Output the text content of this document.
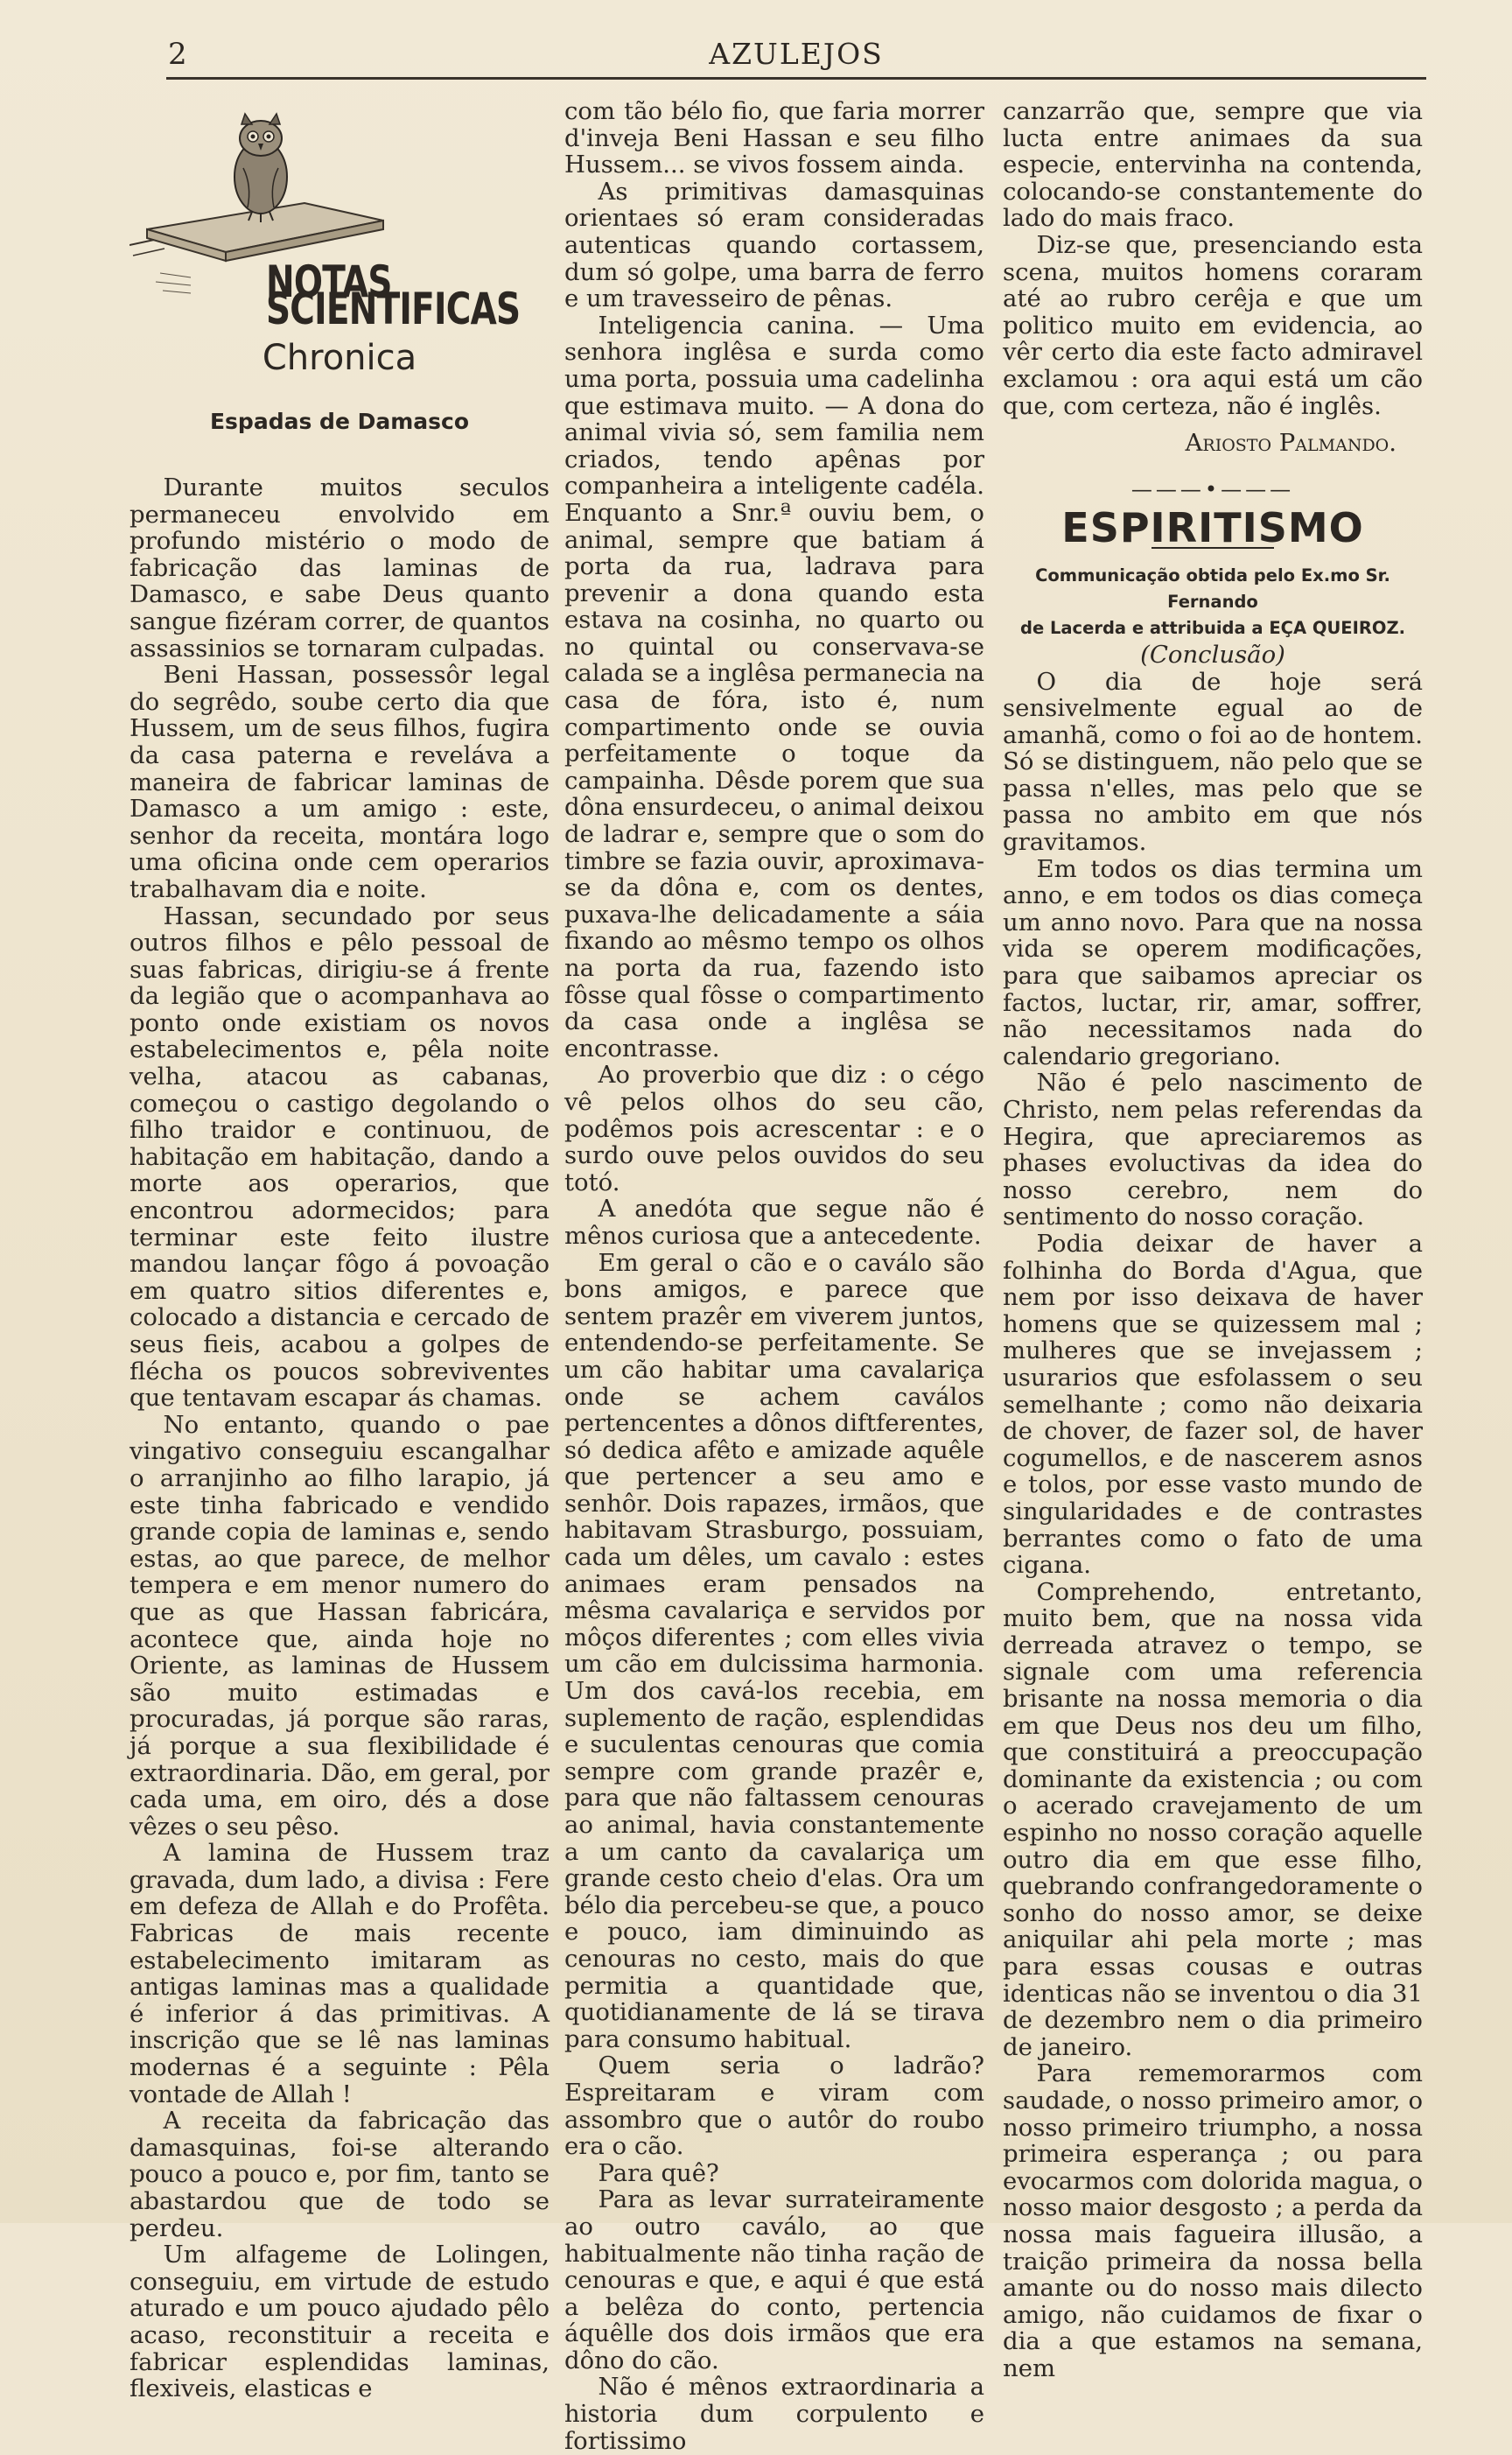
2	AZULEJOS
NOTAS SCIENTIFICAS
Chronica
Espadas de Damasco

Durante muitos seculos permaneceu envolvido em profundo mistério o modo de fabricação das laminas de Damasco, e sabe Deus quanto sangue fizéram correr, de quantos assassinios se tornaram culpadas.

Beni Hassan, possessôr legal do segrêdo, soube certo dia que Hussem, um de seus filhos, fugira da casa paterna e reveláva a maneira de fabricar laminas de Damasco a um amigo : este, senhor da receita, montára logo uma oficina onde cem operarios trabalhavam dia e noite.

Hassan, secundado por seus outros filhos e pêlo pessoal de suas fabricas, dirigiu-se á frente da legião que o acompanhava ao ponto onde existiam os novos estabelecimentos e, pêla noite velha, atacou as cabanas, começou o castigo degolando o filho traidor e continuou, de habitação em habitação, dando a morte aos operarios, que encontrou adormecidos; para terminar este feito ilustre mandou lançar fôgo á povoação em quatro sitios diferentes e, colocado a distancia e cercado de seus fieis, acabou a golpes de flécha os poucos sobreviventes que tentavam escapar ás chamas.

No entanto, quando o pae vingativo conseguiu escangalhar o arranjinho ao filho larapio, já este tinha fabricado e vendido grande copia de laminas e, sendo estas, ao que parece, de melhor tempera e em menor numero do que as que Hassan fabricára, acontece que, ainda hoje no Oriente, as laminas de Hussem são muito estimadas e procuradas, já porque são raras, já porque a sua flexibilidade é extraordinaria. Dão, em geral, por cada uma, em oiro, dés a dose vêzes o seu pêso.

A lamina de Hussem traz gravada, dum lado, a divisa : Fere em defeza de Allah e do Profêta. Fabricas de mais recente estabelecimento imitaram as antigas laminas mas a qualidade é inferior á das primitivas. A inscrição que se lê nas laminas modernas é a seguinte : Pêla vontade de Allah !

A receita da fabricação das damasquinas, foi-se alterando pouco a pouco e, por fim, tanto se abastardou que de todo se perdeu.

Um alfageme de Lolingen, conseguiu, em virtude de estudo aturado e um pouco ajudado pêlo acaso, reconstituir a receita e fabricar esplendidas laminas, flexiveis, elasticas e

com tão bélo fio, que faria morrer d'inveja Beni Hassan e seu filho Hussem... se vivos fossem ainda.

As primitivas damasquinas orientaes só eram consideradas autenticas quando cortassem, dum só golpe, uma barra de ferro e um travesseiro de pênas.

Inteligencia canina. — Uma senhora inglêsa e surda como uma porta, possuia uma cadelinha que estimava muito. — A dona do animal vivia só, sem familia nem criados, tendo apênas por companheira a inteligente cadéla. Enquanto a Snr.ª ouviu bem, o animal, sempre que batiam á porta da rua, ladrava para prevenir a dona quando esta estava na cosinha, no quarto ou no quintal ou conservava-se calada se a inglêsa permanecia na casa de fóra, isto é, num compartimento onde se ouvia perfeitamente o toque da campainha. Dêsde porem que sua dôna ensurdeceu, o animal deixou de ladrar e, sempre que o som do timbre se fazia ouvir, aproximava-se da dôna e, com os dentes, puxava-lhe delicadamente a sáia fixando ao mêsmo tempo os olhos na porta da rua, fazendo isto fôsse qual fôsse o compartimento da casa onde a inglêsa se encontrasse.

Ao proverbio que diz : o cégo vê pelos olhos do seu cão, podêmos pois acrescentar : e o surdo ouve pelos ouvidos do seu totó.

A anedóta que segue não é mênos curiosa que a antecedente.

Em geral o cão e o caválo são bons amigos, e parece que sentem prazêr em viverem juntos, entendendo-se perfeitamente. Se um cão habitar uma cavalariça onde se achem caválos pertencentes a dônos diftferentes, só dedica afêto e amizade aquêle que pertencer a seu amo e senhôr. Dois rapazes, irmãos, que habitavam Strasburgo, possuiam, cada um dêles, um cavalo : estes animaes eram pensados na mêsma cavalariça e servidos por môços diferentes ; com elles vivia um cão em dulcissima harmonia. Um dos cavá-los recebia, em suplemento de ração, esplendidas e suculentas cenouras que comia sempre com grande prazêr e, para que não faltassem cenouras ao animal, havia constantemente a um canto da cavalariça um grande cesto cheio d'elas. Ora um bélo dia percebeu-se que, a pouco e pouco, iam diminuindo as cenouras no cesto, mais do que permitia a quantidade que, quotidianamente de lá se tirava para consumo habitual.

Quem seria o ladrão? Espreitaram e viram com assombro que o autôr do roubo era o cão.

Para quê?

Para as levar surrateiramente ao outro caválo, ao que habitualmente não tinha ração de cenouras e que, e aqui é que está a belêza do conto, pertencia áquêlle dos dois irmãos que era dôno do cão.

Não é mênos extraordinaria a historia dum corpulento e fortissimo

canzarrão que, sempre que via lucta entre animaes da sua especie, entervinha na contenda, colocando-se constantemente do lado do mais fraco.

Diz-se que, presenciando esta scena, muitos homens coraram até ao rubro cerêja e que um politico muito em evidencia, ao vêr certo dia este facto admiravel exclamou : ora aqui está um cão que, com certeza, não é inglês.

Ariosto Palmando.

———•———
ESPIRITISMO
Communicação obtida pelo Ex.mo Sr. Fernando
de Lacerda e attribuida a EÇA QUEIROZ.

(Conclusão)

O dia de hoje será sensivelmente egual ao de amanhã, como o foi ao de hontem. Só se distinguem, não pelo que se passa n'elles, mas pelo que se passa no ambito em que nós gravitamos.

Em todos os dias termina um anno, e em todos os dias começa um anno novo. Para que na nossa vida se operem modificações, para que saibamos apreciar os factos, luctar, rir, amar, soffrer, não necessitamos nada do calendario gregoriano.

Não é pelo nascimento de Christo, nem pelas referendas da Hegira, que apreciaremos as phases evoluctivas da idea do nosso cerebro, nem do sentimento do nosso coração.

Podia deixar de haver a folhinha do Borda d'Agua, que nem por isso deixava de haver homens que se quizessem mal ; mulheres que se invejassem ; usurarios que esfolassem o seu semelhante ; como não deixaria de chover, de fazer sol, de haver cogumellos, e de nascerem asnos e tolos, por esse vasto mundo de singularidades e de contrastes berrantes como o fato de uma cigana.

Comprehendo, entretanto, muito bem, que na nossa vida derreada atravez o tempo, se signale com uma referencia brisante na nossa memoria o dia em que Deus nos deu um filho, que constituirá a preoccupação dominante da existencia ; ou com o acerado cravejamento de um espinho no nosso coração aquelle outro dia em que esse filho, quebrando confrangedoramente o sonho do nosso amor, se deixe aniquilar ahi pela morte ; mas para essas cousas e outras identicas não se inventou o dia 31 de dezembro nem o dia primeiro de janeiro.

Para rememorarmos com saudade, o nosso primeiro amor, o nosso primeiro triumpho, a nossa primeira esperança ; ou para evocarmos com dolorida magua, o nosso maior desgosto ; a perda da nossa mais fagueira illusão, a traição primeira da nossa bella amante ou do nosso mais dilecto amigo, não cuidamos de fixar o dia a que estamos na semana, nem
